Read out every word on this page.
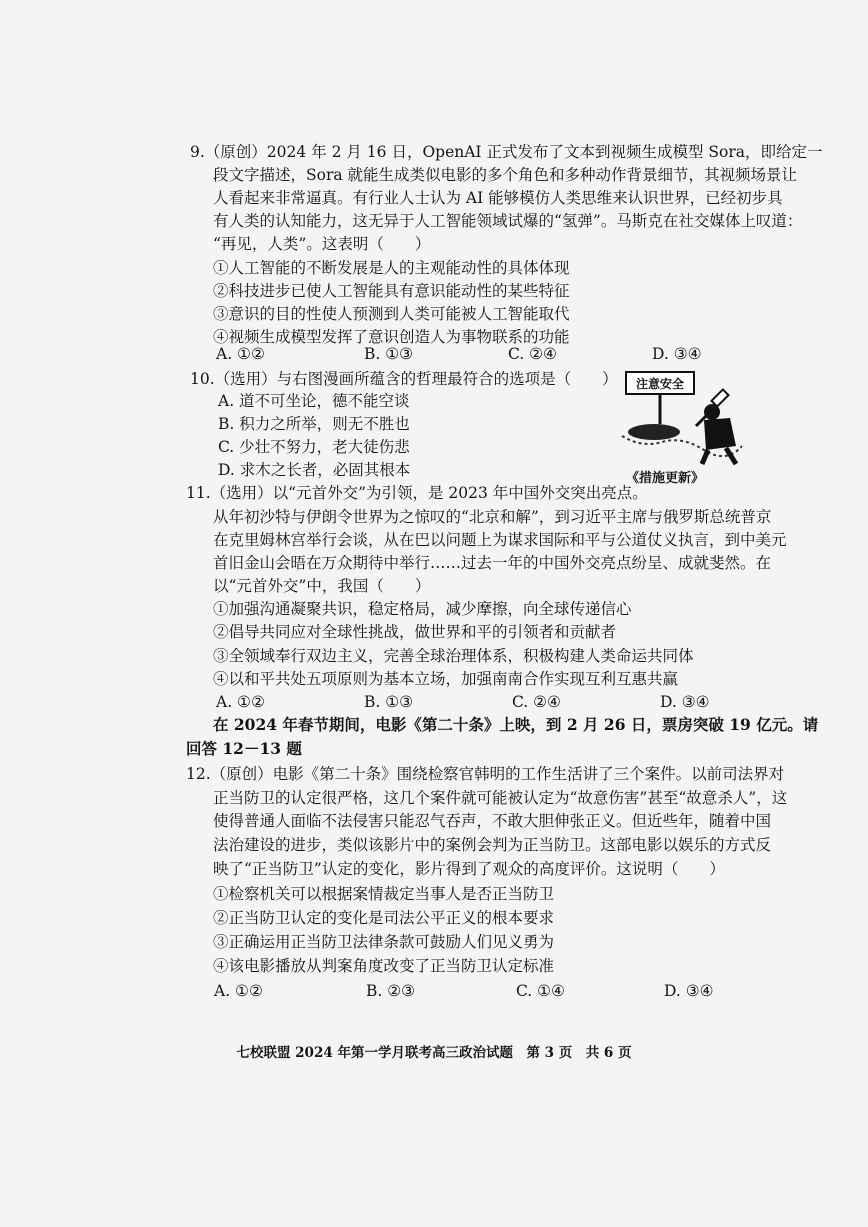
9.（原创）2024 年 2 月 16 日，OpenAI 正式发布了文本到视频生成模型 Sora，即给定一
段文字描述，Sora 就能生成类似电影的多个角色和多种动作背景细节，其视频场景让
人看起来非常逼真。有行业人士认为 AI 能够模仿人类思维来认识世界，已经初步具
有人类的认知能力，这无异于人工智能领域试爆的“氢弹”。马斯克在社交媒体上叹道：
“再见，人类”。这表明（　　）
①人工智能的不断发展是人的主观能动性的具体体现
②科技进步已使人工智能具有意识能动性的某些特征
③意识的目的性使人预测到人类可能被人工智能取代
④视频生成模型发挥了意识创造人为事物联系的功能
A. ①②	B. ①③	C. ②④	D. ③④
10.（选用）与右图漫画所蕴含的哲理最符合的选项是（　　）
A. 道不可坐论，德不能空谈
B. 积力之所举，则无不胜也
C. 少壮不努力，老大徒伤悲
D. 求木之长者，必固其根本
注意安全
《措施更新》
11.（选用）以“元首外交”为引领，是 2023 年中国外交突出亮点。
从年初沙特与伊朗令世界为之惊叹的“北京和解”，到习近平主席与俄罗斯总统普京
在克里姆林宫举行会谈，从在巴以问题上为谋求国际和平与公道仗义执言，到中美元
首旧金山会晤在万众期待中举行……过去一年的中国外交亮点纷呈、成就斐然。在
以“元首外交”中，我国（　　）
①加强沟通凝聚共识，稳定格局，减少摩擦，向全球传递信心
②倡导共同应对全球性挑战，做世界和平的引领者和贡献者
③全领域奉行双边主义，完善全球治理体系，积极构建人类命运共同体
④以和平共处五项原则为基本立场，加强南南合作实现互利互惠共赢
A. ①②	B. ①③	C. ②④	D. ③④
在 2024 年春节期间，电影《第二十条》上映，到 2 月 26 日，票房突破 19 亿元。请
回答 12－13 题
12.（原创）电影《第二十条》围绕检察官韩明的工作生活讲了三个案件。以前司法界对
正当防卫的认定很严格，这几个案件就可能被认定为“故意伤害”甚至“故意杀人”，这
使得普通人面临不法侵害只能忍气吞声，不敢大胆伸张正义。但近些年，随着中国
法治建设的进步，类似该影片中的案例会判为正当防卫。这部电影以娱乐的方式反
映了“正当防卫”认定的变化，影片得到了观众的高度评价。这说明（　　）
①检察机关可以根据案情裁定当事人是否正当防卫
②正当防卫认定的变化是司法公平正义的根本要求
③正确运用正当防卫法律条款可鼓励人们见义勇为
④该电影播放从判案角度改变了正当防卫认定标准
A. ①②	B. ②③	C. ①④	D. ③④
七校联盟 2024 年第一学月联考高三政治试题　第 3 页　共 6 页
